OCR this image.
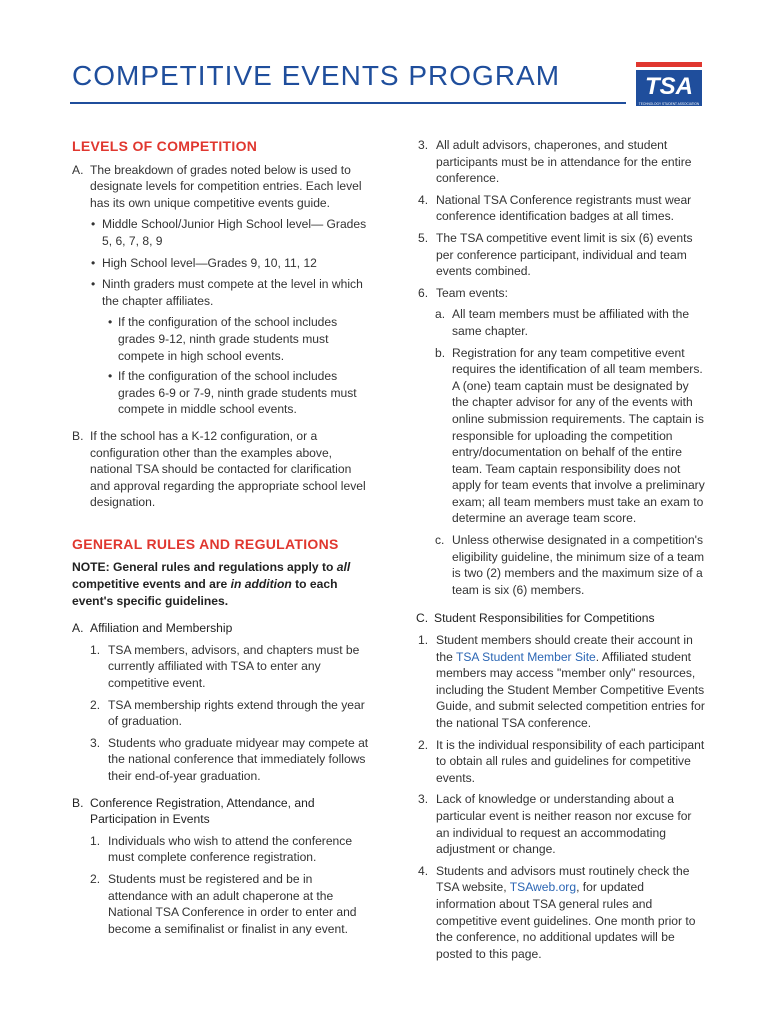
COMPETITIVE EVENTS PROGRAM	TSA
TECHNOLOGY STUDENT ASSOCIATION
LEVELS OF COMPETITION
A. The breakdown of grades noted below is used to designate levels for competition entries. Each level has its own unique competitive events guide.

• Middle School/Junior High School level— Grades 5, 6, 7, 8, 9

• High School level—Grades 9, 10, 11, 12

• Ninth graders must compete at the level in which the chapter affiliates.

• If the configuration of the school includes grades 9-12, ninth grade students must compete in high school events.

• If the configuration of the school includes grades 6-9 or 7-9, ninth grade students must compete in middle school events.

B. If the school has a K-12 configuration, or a configuration other than the examples above, national TSA should be contacted for clarification and approval regarding the appropriate school level designation.

GENERAL RULES AND REGULATIONS

NOTE: General rules and regulations apply to all competitive events and are in addition to each event's specific guidelines.

A. Affiliation and Membership
1. TSA members, advisors, and chapters must be currently affiliated with TSA to enter any competitive event.

2. TSA membership rights extend through the year of graduation.

3. Students who graduate midyear may compete at the national conference that immediately follows their end-of-year graduation.

B. Conference Registration, Attendance, and Participation in Events
1. Individuals who wish to attend the conference must complete conference registration.

2. Students must be registered and be in attendance with an adult chaperone at the National TSA Conference in order to enter and become a semifinalist or finalist in any event.

3. All adult advisors, chaperones, and student participants must be in attendance for the entire conference.

4. National TSA Conference registrants must wear conference identification badges at all times.

5. The TSA competitive event limit is six (6) events per conference participant, individual and team events combined.

6. Team events:

a. All team members must be affiliated with the same chapter.

b. Registration for any team competitive event requires the identification of all team members. A (one) team captain must be designated by the chapter advisor for any of the events with online submission requirements. The captain is responsible for uploading the competition entry/documentation on behalf of the entire team. Team captain responsibility does not apply for team events that involve a preliminary exam; all team members must take an exam to determine an average team score.

c. Unless otherwise designated in a competition's eligibility guideline, the minimum size of a team is two (2) members and the maximum size of a team is six (6) members.

C. Student Responsibilities for Competitions
1. Student members should create their account in the TSA Student Member Site. Affiliated student members may access "member only" resources, including the Student Member Competitive Events Guide, and submit selected competition entries for the national TSA conference.

2. It is the individual responsibility of each participant to obtain all rules and guidelines for competitive events.

3. Lack of knowledge or understanding about a particular event is neither reason nor excuse for an individual to request an accommodating adjustment or change.

4. Students and advisors must routinely check the TSA website, TSAweb.org, for updated information about TSA general rules and competitive event guidelines. One month prior to the conference, no additional updates will be posted to this page.
